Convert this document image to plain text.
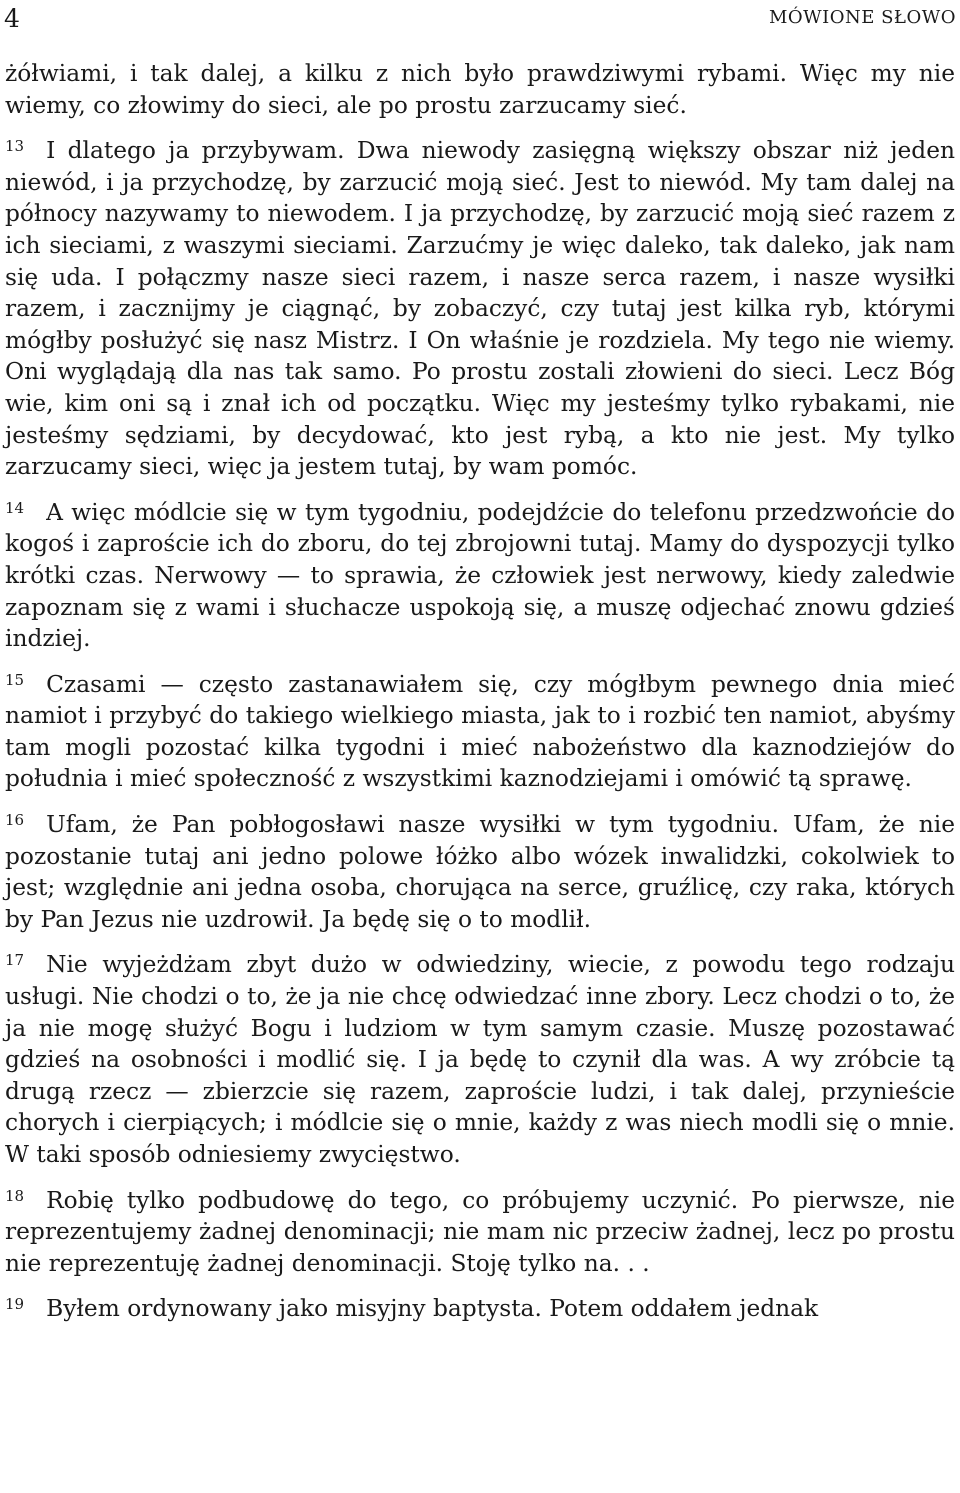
4	MÓWIONE SŁOWO

żółwiami, i tak dalej, a kilku z nich było prawdziwymi rybami. Więc my nie wiemy, co złowimy do sieci, ale po prostu zarzucamy sieć.

$^{13}$ I dlatego ja przybywam. Dwa niewody zasięgną większy obszar niż jeden niewód, i ja przychodzę, by zarzucić moją sieć. Jest to niewód. My tam dalej na północy nazywamy to niewodem. I ja przychodzę, by zarzucić moją sieć razem z ich sieciami, z waszymi sieciami. Zarzućmy je więc daleko, tak daleko, jak nam się uda. I połączmy nasze sieci razem, i nasze serca razem, i nasze wysiłki razem, i zacznijmy je ciągnąć, by zobaczyć, czy tutaj jest kilka ryb, którymi mógłby posłużyć się nasz Mistrz. I On właśnie je rozdziela. My tego nie wiemy. Oni wyglądają dla nas tak samo. Po prostu zostali złowieni do sieci. Lecz Bóg wie, kim oni są i znał ich od początku. Więc my jesteśmy tylko rybakami, nie jesteśmy sędziami, by decydować, kto jest rybą, a kto nie jest. My tylko zarzucamy sieci, więc ja jestem tutaj, by wam pomóc.

$^{14}$ A więc módlcie się w tym tygodniu, podejdźcie do telefonu przedzwońcie do kogoś i zaproście ich do zboru, do tej zbrojowni tutaj. Mamy do dyspozycji tylko krótki czas. Nerwowy — to sprawia, że człowiek jest nerwowy, kiedy zaledwie zapoznam się z wami i słuchacze uspokoją się, a muszę odjechać znowu gdzieś indziej.

$^{15}$ Czasami — często zastanawiałem się, czy mógłbym pewnego dnia mieć namiot i przybyć do takiego wielkiego miasta, jak to i rozbić ten namiot, abyśmy tam mogli pozostać kilka tygodni i mieć nabożeństwo dla kaznodziejów do południa i mieć społeczność z wszystkimi kaznodziejami i omówić tą sprawę.

$^{16}$ Ufam, że Pan pobłogosławi nasze wysiłki w tym tygodniu. Ufam, że nie pozostanie tutaj ani jedno polowe łóżko albo wózek inwalidzki, cokolwiek to jest; względnie ani jedna osoba, chorująca na serce, gruźlicę, czy raka, których by Pan Jezus nie uzdrowił. Ja będę się o to modlił.

$^{17}$ Nie wyjeżdżam zbyt dużo w odwiedziny, wiecie, z powodu tego rodzaju usługi. Nie chodzi o to, że ja nie chcę odwiedzać inne zbory. Lecz chodzi o to, że ja nie mogę służyć Bogu i ludziom w tym samym czasie. Muszę pozostawać gdzieś na osobności i modlić się. I ja będę to czynił dla was. A wy zróbcie tą drugą rzecz — zbierzcie się razem, zaproście ludzi, i tak dalej, przynieście chorych i cierpiących; i módlcie się o mnie, każdy z was niech modli się o mnie. W taki sposób odniesiemy zwycięstwo.

$^{18}$ Robię tylko podbudowę do tego, co próbujemy uczynić. Po pierwsze, nie reprezentujemy żadnej denominacji; nie mam nic przeciw żadnej, lecz po prostu nie reprezentuję żadnej denominacji. Stoję tylko na. . .

$^{19}$ Byłem ordynowany jako misyjny baptysta. Potem oddałem jednak
